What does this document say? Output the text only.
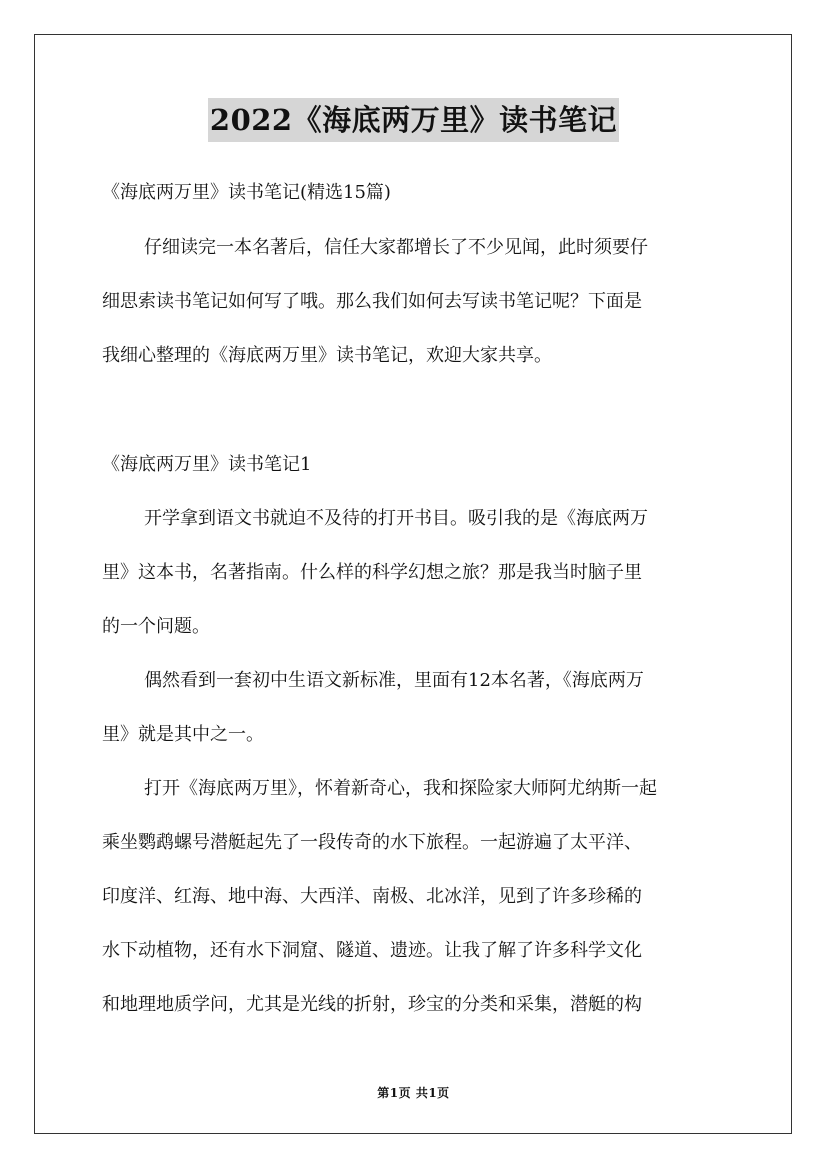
2022《海底两万里》读书笔记
《海底两万里》读书笔记(精选15篇)
仔细读完一本名著后，信任大家都增长了不少见闻，此时须要仔
细思索读书笔记如何写了哦。那么我们如何去写读书笔记呢？下面是
我细心整理的《海底两万里》读书笔记，欢迎大家共享。
《海底两万里》读书笔记1
开学拿到语文书就迫不及待的打开书目。吸引我的是《海底两万
里》这本书，名著指南。什么样的科学幻想之旅？那是我当时脑子里
的一个问题。
偶然看到一套初中生语文新标准，里面有12本名著，《海底两万
里》就是其中之一。
打开《海底两万里》，怀着新奇心，我和探险家大师阿尤纳斯一起
乘坐鹦鹉螺号潜艇起先了一段传奇的水下旅程。一起游遍了太平洋、
印度洋、红海、地中海、大西洋、南极、北冰洋，见到了许多珍稀的
水下动植物，还有水下洞窟、隧道、遗迹。让我了解了许多科学文化
和地理地质学问，尤其是光线的折射，珍宝的分类和采集，潜艇的构
第1页 共1页
